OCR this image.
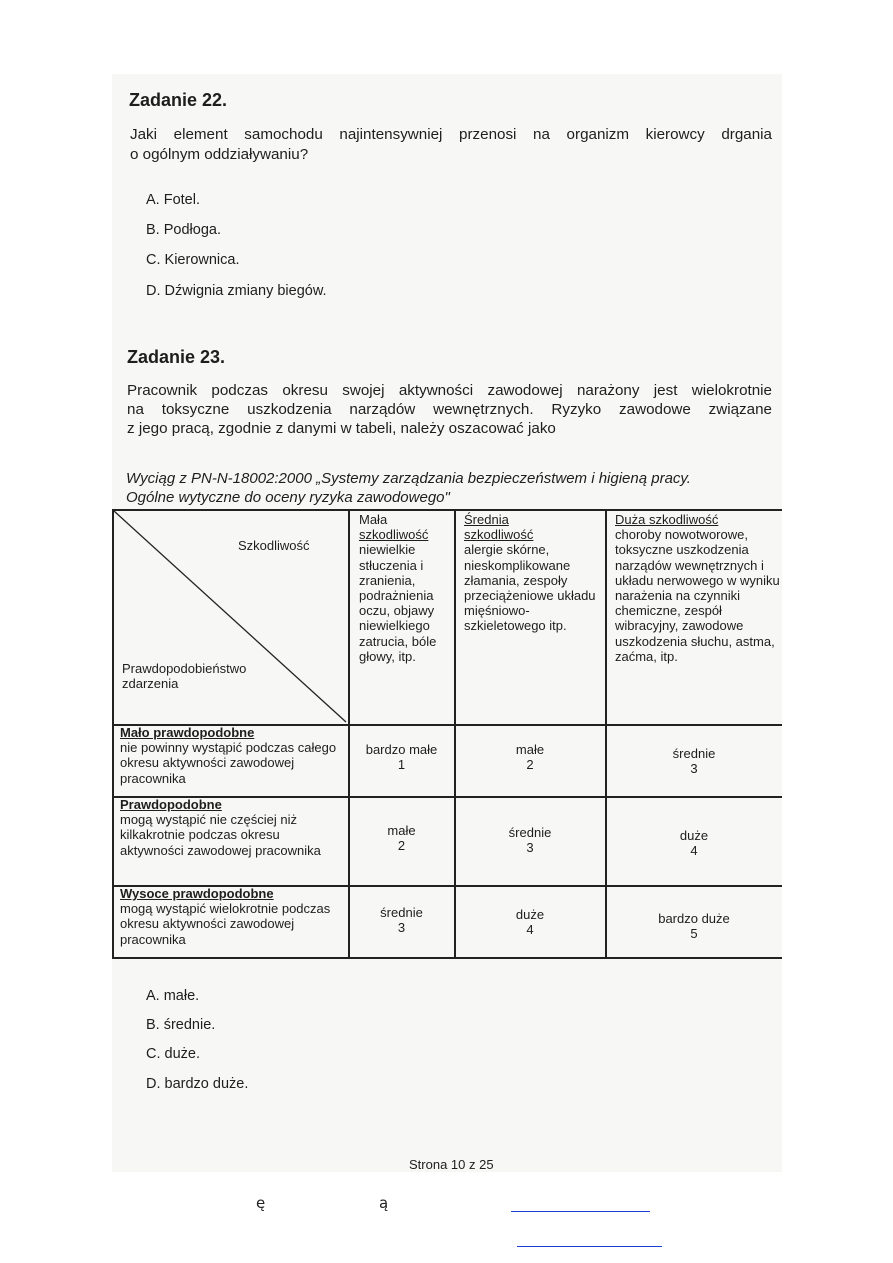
Zadanie 22.
Jaki element samochodu najintensywniej przenosi na organizm kierowcy drgania
o ogólnym oddziaływaniu?
A. Fotel.
B. Podłoga.
C. Kierownica.
D. Dźwignia zmiany biegów.
Zadanie 23.
Pracownik podczas okresu swojej aktywności zawodowej narażony jest wielokrotnie
na toksyczne uszkodzenia narządów wewnętrznych. Ryzyko zawodowe związane
z jego pracą, zgodnie z danymi w tabeli, należy oszacować jako
Wyciąg z PN-N-18002:2000 „Systemy zarządzania bezpieczeństwem i higieną pracy.
Ogólne wytyczne do oceny ryzyka zawodowego"
Szkodliwość
Prawdopodobieństwo
zdarzenia
Mała
szkodliwość
niewielkie stłuczenia i zranienia, podrażnienia oczu, objawy niewielkiego zatrucia, bóle głowy, itp.
Średnia
szkodliwość
alergie skórne, nieskomplikowane złamania, zespoły przeciążeniowe układu mięśniowo-szkieletowego itp.
Duża szkodliwość
choroby nowotworowe, toksyczne uszkodzenia narządów wewnętrznych i układu nerwowego w wyniku narażenia na czynniki chemiczne, zespół wibracyjny, zawodowe uszkodzenia słuchu, astma, zaćma, itp.
Mało prawdopodobne
nie powinny wystąpić podczas całego okresu aktywności zawodowej pracownika
bardzo małe
1
małe
2
średnie
3
Prawdopodobne
mogą wystąpić nie częściej niż kilkakrotnie podczas okresu aktywności zawodowej pracownika
małe
2
średnie
3
duże
4
Wysoce prawdopodobne
mogą wystąpić wielokrotnie podczas okresu aktywności zawodowej pracownika
średnie
3
duże
4
bardzo duże
5
A. małe.
B. średnie.
C. duże.
D. bardzo duże.
Strona 10 z 25
ę	ą
